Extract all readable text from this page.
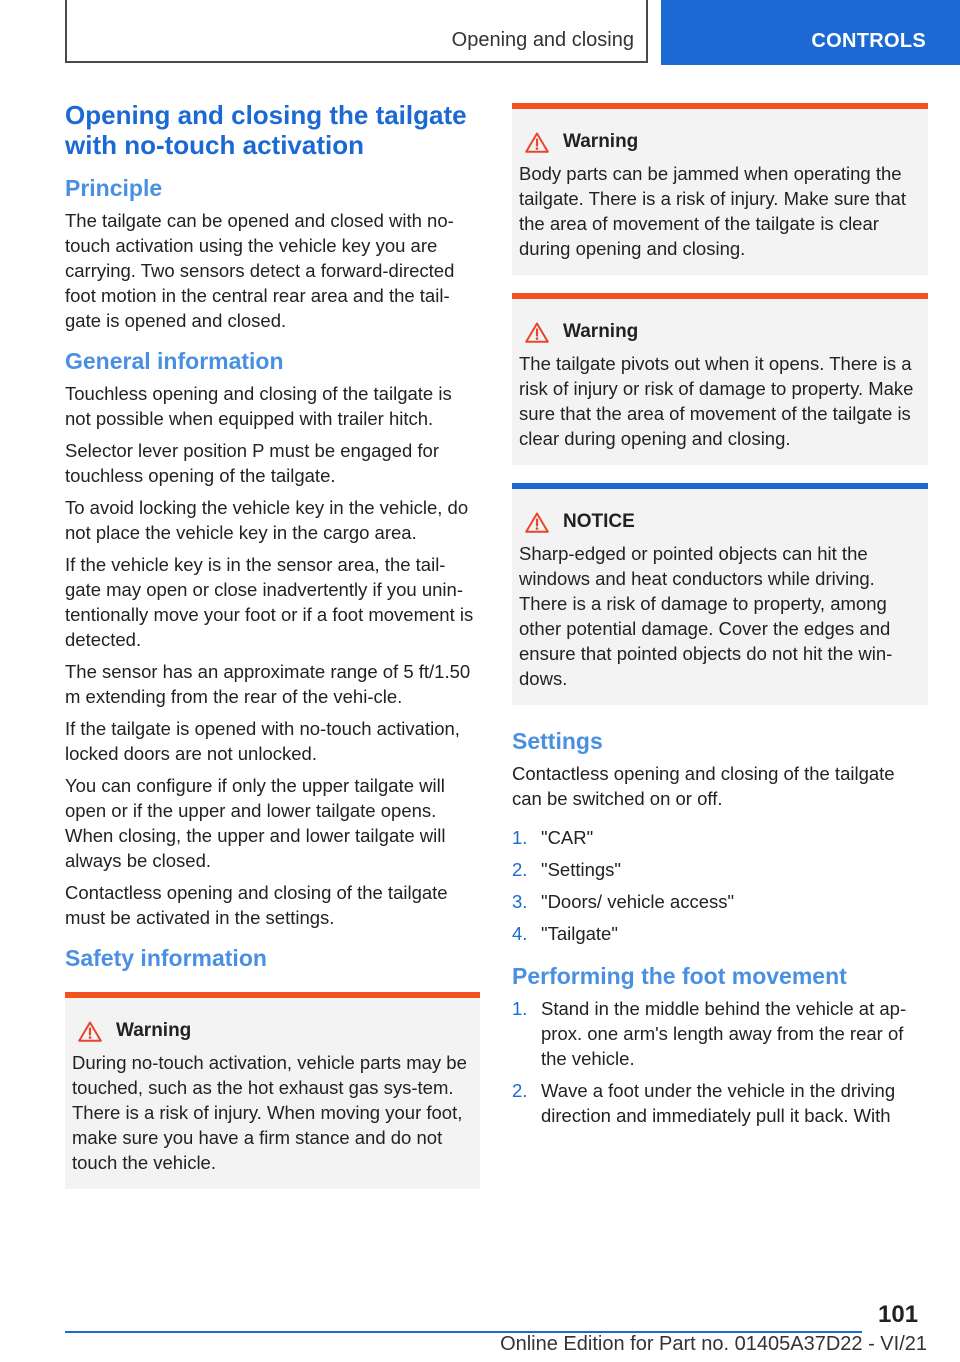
Opening and closing	CONTROLS
Opening and closing the tailgate with no-touch activation
Principle

The tailgate can be opened and closed with no-touch activation using the vehicle key you are carrying. Two sensors detect a forward-directed foot motion in the central rear area and the tail-gate is opened and closed.

General information

Touchless opening and closing of the tailgate is not possible when equipped with trailer hitch.

Selector lever position P must be engaged for touchless opening of the tailgate.

To avoid locking the vehicle key in the vehicle, do not place the vehicle key in the cargo area.

If the vehicle key is in the sensor area, the tail-gate may open or close inadvertently if you unin-tentionally move your foot or if a foot movement is detected.

The sensor has an approximate range of 5 ft/1.50 m extending from the rear of the vehi-cle.

If the tailgate is opened with no-touch activation, locked doors are not unlocked.

You can configure if only the upper tailgate will open or if the upper and lower tailgate opens. When closing, the upper and lower tailgate will always be closed.

Contactless opening and closing of the tailgate must be activated in the settings.

Safety information
Warning

During no-touch activation, vehicle parts may be touched, such as the hot exhaust gas sys-tem. There is a risk of injury. When moving your foot, make sure you have a firm stance and do not touch the vehicle.

Warning

Body parts can be jammed when operating the tailgate. There is a risk of injury. Make sure that the area of movement of the tailgate is clear during opening and closing.

Warning

The tailgate pivots out when it opens. There is a risk of injury or risk of damage to property. Make sure that the area of movement of the tailgate is clear during opening and closing.

NOTICE

Sharp-edged or pointed objects can hit the windows and heat conductors while driving. There is a risk of damage to property, among other potential damage. Cover the edges and ensure that pointed objects do not hit the win-dows.

Settings

Contactless opening and closing of the tailgate can be switched on or off.

1. "CAR"
2. "Settings"
3. "Doors/ vehicle access"
4. "Tailgate"
Performing the foot movement
1. Stand in the middle behind the vehicle at ap-prox. one arm's length away from the rear of the vehicle.
2. Wave a foot under the vehicle in the driving direction and immediately pull it back. With
101
Online Edition for Part no. 01405A37D22 - VI/21
